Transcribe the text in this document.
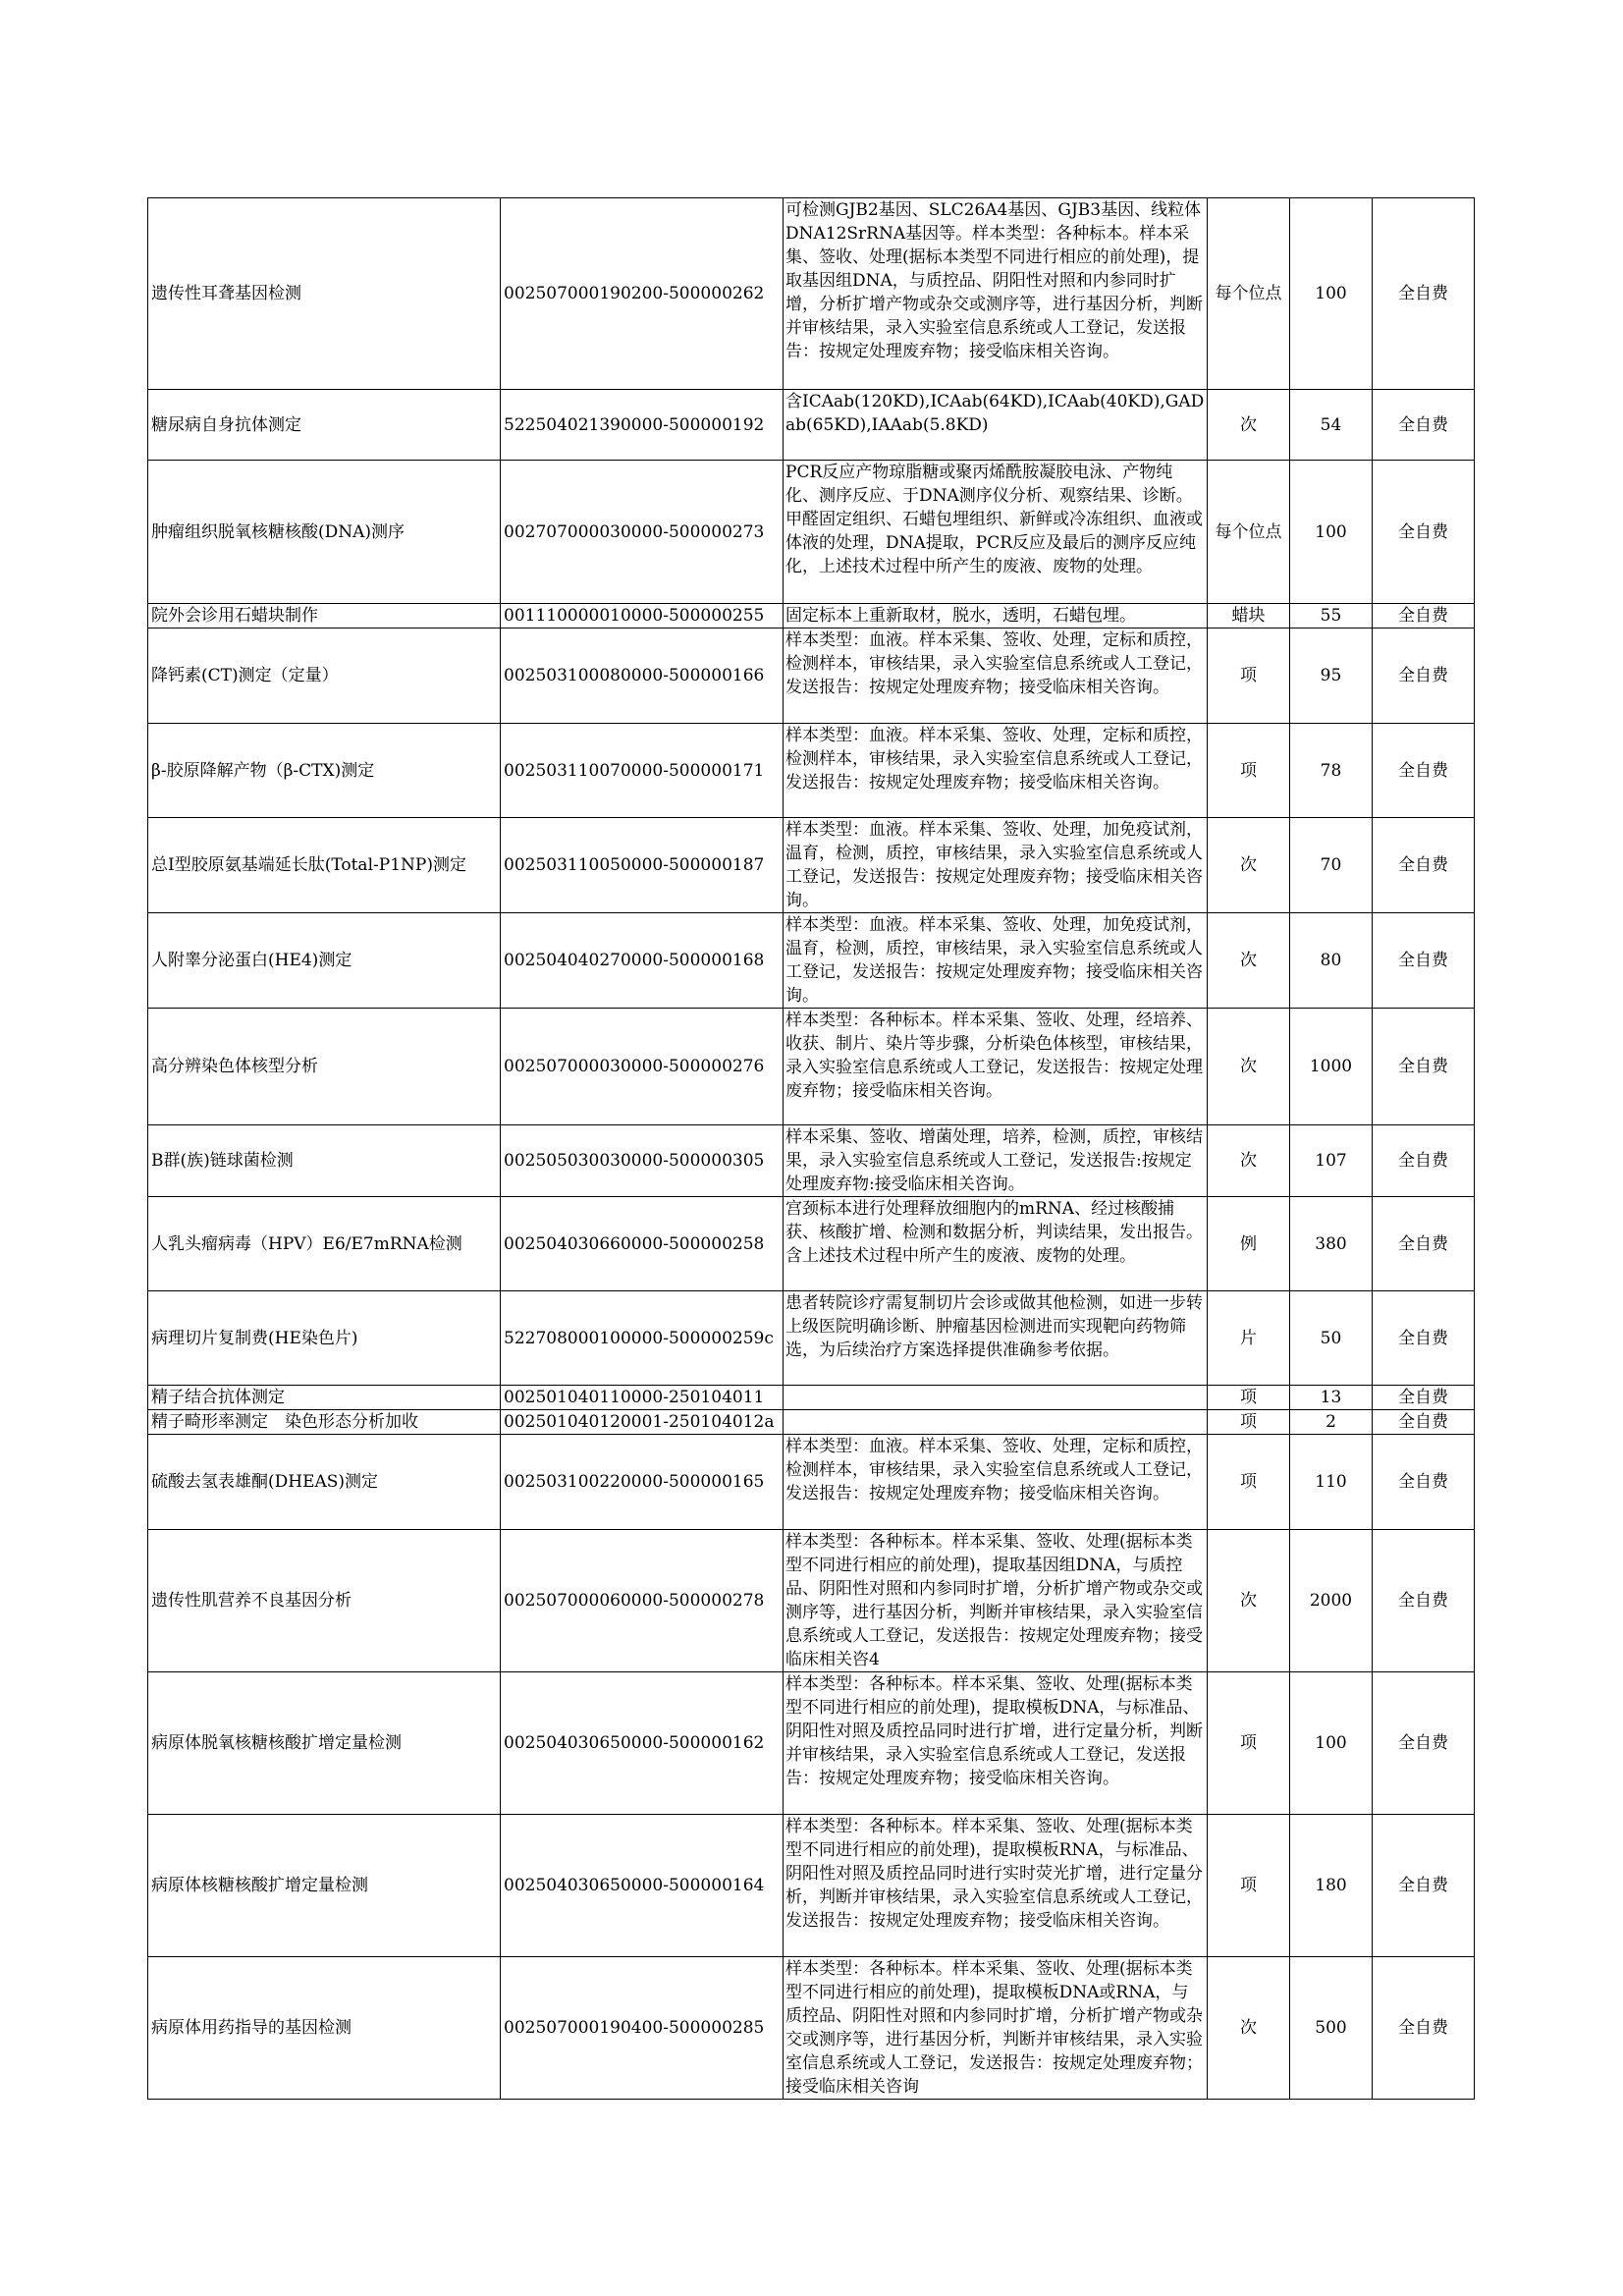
遗传性耳聋基因检测	002507000190200-500000262	可检测GJB2基因、SLC26A4基因、GJB3基因、线粒体DNA12SrRNA基因等。样本类型：各种标本。样本采集、签收、处理(据标本类型不同进行相应的前处理)，提取基因组DNA，与质控品、阴阳性对照和内参同时扩增，分析扩增产物或杂交或测序等，进行基因分析，判断并审核结果，录入实验室信息系统或人工登记，发送报告：按规定处理废弃物；接受临床相关咨询。	每个位点	100	全自费
糖尿病自身抗体测定	522504021390000-500000192	含ICAab(120KD),ICAab(64KD),ICAab(40KD),GADab(65KD),IAAab(5.8KD)	次	54	全自费
肿瘤组织脱氧核糖核酸(DNA)测序	002707000030000-500000273	PCR反应产物琼脂糖或聚丙烯酰胺凝胶电泳、产物纯化、测序反应、于DNA测序仪分析、观察结果、诊断。甲醛固定组织、石蜡包埋组织、新鲜或冷冻组织、血液或体液的处理，DNA提取，PCR反应及最后的测序反应纯化，上述技术过程中所产生的废液、废物的处理。	每个位点	100	全自费
院外会诊用石蜡块制作	001110000010000-500000255	固定标本上重新取材，脱水，透明，石蜡包埋。	蜡块	55	全自费
降钙素(CT)测定（定量）	002503100080000-500000166	样本类型：血液。样本采集、签收、处理，定标和质控，检测样本，审核结果，录入实验室信息系统或人工登记，发送报告：按规定处理废弃物；接受临床相关咨询。	项	95	全自费
β-胶原降解产物（β-CTX)测定	002503110070000-500000171	样本类型：血液。样本采集、签收、处理，定标和质控，检测样本，审核结果，录入实验室信息系统或人工登记，发送报告：按规定处理废弃物；接受临床相关咨询。	项	78	全自费
总Ⅰ型胶原氨基端延长肽(Total-P1NP)测定	002503110050000-500000187	样本类型：血液。样本采集、签收、处理，加免疫试剂，温育，检测，质控，审核结果，录入实验室信息系统或人工登记，发送报告：按规定处理废弃物；接受临床相关咨询。	次	70	全自费
人附睾分泌蛋白(HE4)测定	002504040270000-500000168	样本类型：血液。样本采集、签收、处理，加免疫试剂，温育，检测，质控，审核结果，录入实验室信息系统或人工登记，发送报告：按规定处理废弃物；接受临床相关咨询。	次	80	全自费
高分辨染色体核型分析	002507000030000-500000276	样本类型：各种标本。样本采集、签收、处理，经培养、收获、制片、染片等步骤，分析染色体核型，审核结果，录入实验室信息系统或人工登记，发送报告：按规定处理废弃物；接受临床相关咨询。	次	1000	全自费
B群(族)链球菌检测	002505030030000-500000305	样本采集、签收、增菌处理，培养，检测，质控，审核结果，录入实验室信息系统或人工登记，发送报告:按规定处理废弃物:接受临床相关咨询。	次	107	全自费
人乳头瘤病毒（HPV）E6/E7mRNA检测	002504030660000-500000258	宫颈标本进行处理释放细胞内的mRNA、经过核酸捕获、核酸扩增、检测和数据分析，判读结果，发出报告。含上述技术过程中所产生的废液、废物的处理。	例	380	全自费
病理切片复制费(HE染色片)	522708000100000-500000259c	患者转院诊疗需复制切片会诊或做其他检测，如进一步转上级医院明确诊断、肿瘤基因检测进而实现靶向药物筛选，为后续治疗方案选择提供准确参考依据。	片	50	全自费
精子结合抗体测定	002501040110000-250104011		项	13	全自费
精子畸形率测定　染色形态分析加收	002501040120001-250104012a		项	2	全自费
硫酸去氢表雄酮(DHEAS)测定	002503100220000-500000165	样本类型：血液。样本采集、签收、处理，定标和质控，检测样本，审核结果，录入实验室信息系统或人工登记，发送报告：按规定处理废弃物；接受临床相关咨询。	项	110	全自费
遗传性肌营养不良基因分析	002507000060000-500000278	样本类型：各种标本。样本采集、签收、处理(据标本类型不同进行相应的前处理)，提取基因组DNA，与质控品、阴阳性对照和内参同时扩增，分析扩增产物或杂交或测序等，进行基因分析，判断并审核结果，录入实验室信息系统或人工登记，发送报告：按规定处理废弃物；接受临床相关咨4	次	2000	全自费
病原体脱氧核糖核酸扩增定量检测	002504030650000-500000162	样本类型：各种标本。样本采集、签收、处理(据标本类型不同进行相应的前处理)，提取模板DNA，与标准品、阴阳性对照及质控品同时进行扩增，进行定量分析，判断并审核结果，录入实验室信息系统或人工登记，发送报告：按规定处理废弃物；接受临床相关咨询。	项	100	全自费
病原体核糖核酸扩增定量检测	002504030650000-500000164	样本类型：各种标本。样本采集、签收、处理(据标本类型不同进行相应的前处理)，提取模板RNA，与标准品、阴阳性对照及质控品同时进行实时荧光扩增，进行定量分析，判断并审核结果，录入实验室信息系统或人工登记，发送报告：按规定处理废弃物；接受临床相关咨询。	项	180	全自费
病原体用药指导的基因检测	002507000190400-500000285	样本类型：各种标本。样本采集、签收、处理(据标本类型不同进行相应的前处理)，提取模板DNA或RNA，与质控品、阴阳性对照和内参同时扩增，分析扩增产物或杂交或测序等，进行基因分析，判断并审核结果，录入实验室信息系统或人工登记，发送报告：按规定处理废弃物；接受临床相关咨询	次	500	全自费
